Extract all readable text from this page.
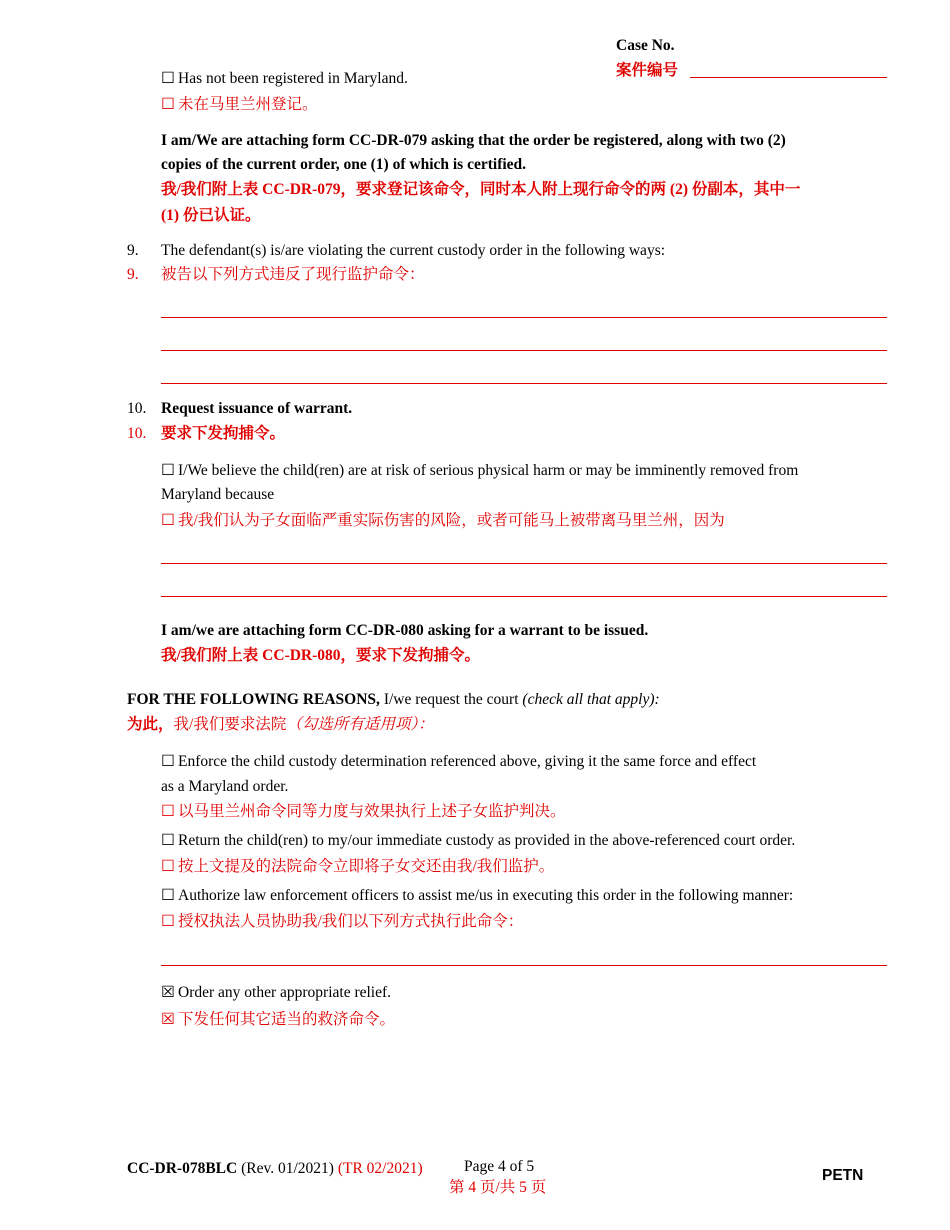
Case No.
案件编号
☐ Has not been registered in Maryland.
☐ 未在马里兰州登记。
I am/We are attaching form CC-DR-079 asking that the order be registered, along with two (2)
copies of the current order, one (1) of which is certified.
我/我们附上表 CC-DR-079，要求登记该命令，同时本人附上现行命令的两 (2) 份副本，其中一
(1) 份已认证。
9. The defendant(s) is/are violating the current custody order in the following ways:
9. 被告以下列方式违反了现行监护命令：
10. Request issuance of warrant.
10. 要求下发拘捕令。
☐ I/We believe the child(ren) are at risk of serious physical harm or may be imminently removed from
Maryland because
☐ 我/我们认为子女面临严重实际伤害的风险，或者可能马上被带离马里兰州，因为
I am/we are attaching form CC-DR-080 asking for a warrant to be issued.
我/我们附上表 CC-DR-080，要求下发拘捕令。
FOR THE FOLLOWING REASONS, I/we request the court (check all that apply):
为此，我/我们要求法院（勾选所有适用项）：
☐ Enforce the child custody determination referenced above, giving it the same force and effect
as a Maryland order.
☐ 以马里兰州命令同等力度与效果执行上述子女监护判决。
☐ Return the child(ren) to my/our immediate custody as provided in the above-referenced court order.
☐ 按上文提及的法院命令立即将子女交还由我/我们监护。
☐ Authorize law enforcement officers to assist me/us in executing this order in the following manner:
☐ 授权执法人员协助我/我们以下列方式执行此命令：
☒ Order any other appropriate relief.
☒ 下发任何其它适当的救济命令。
CC-DR-078BLC (Rev. 01/2021) (TR 02/2021)	Page 4 of 5
第 4 页/共 5 页
PETN
